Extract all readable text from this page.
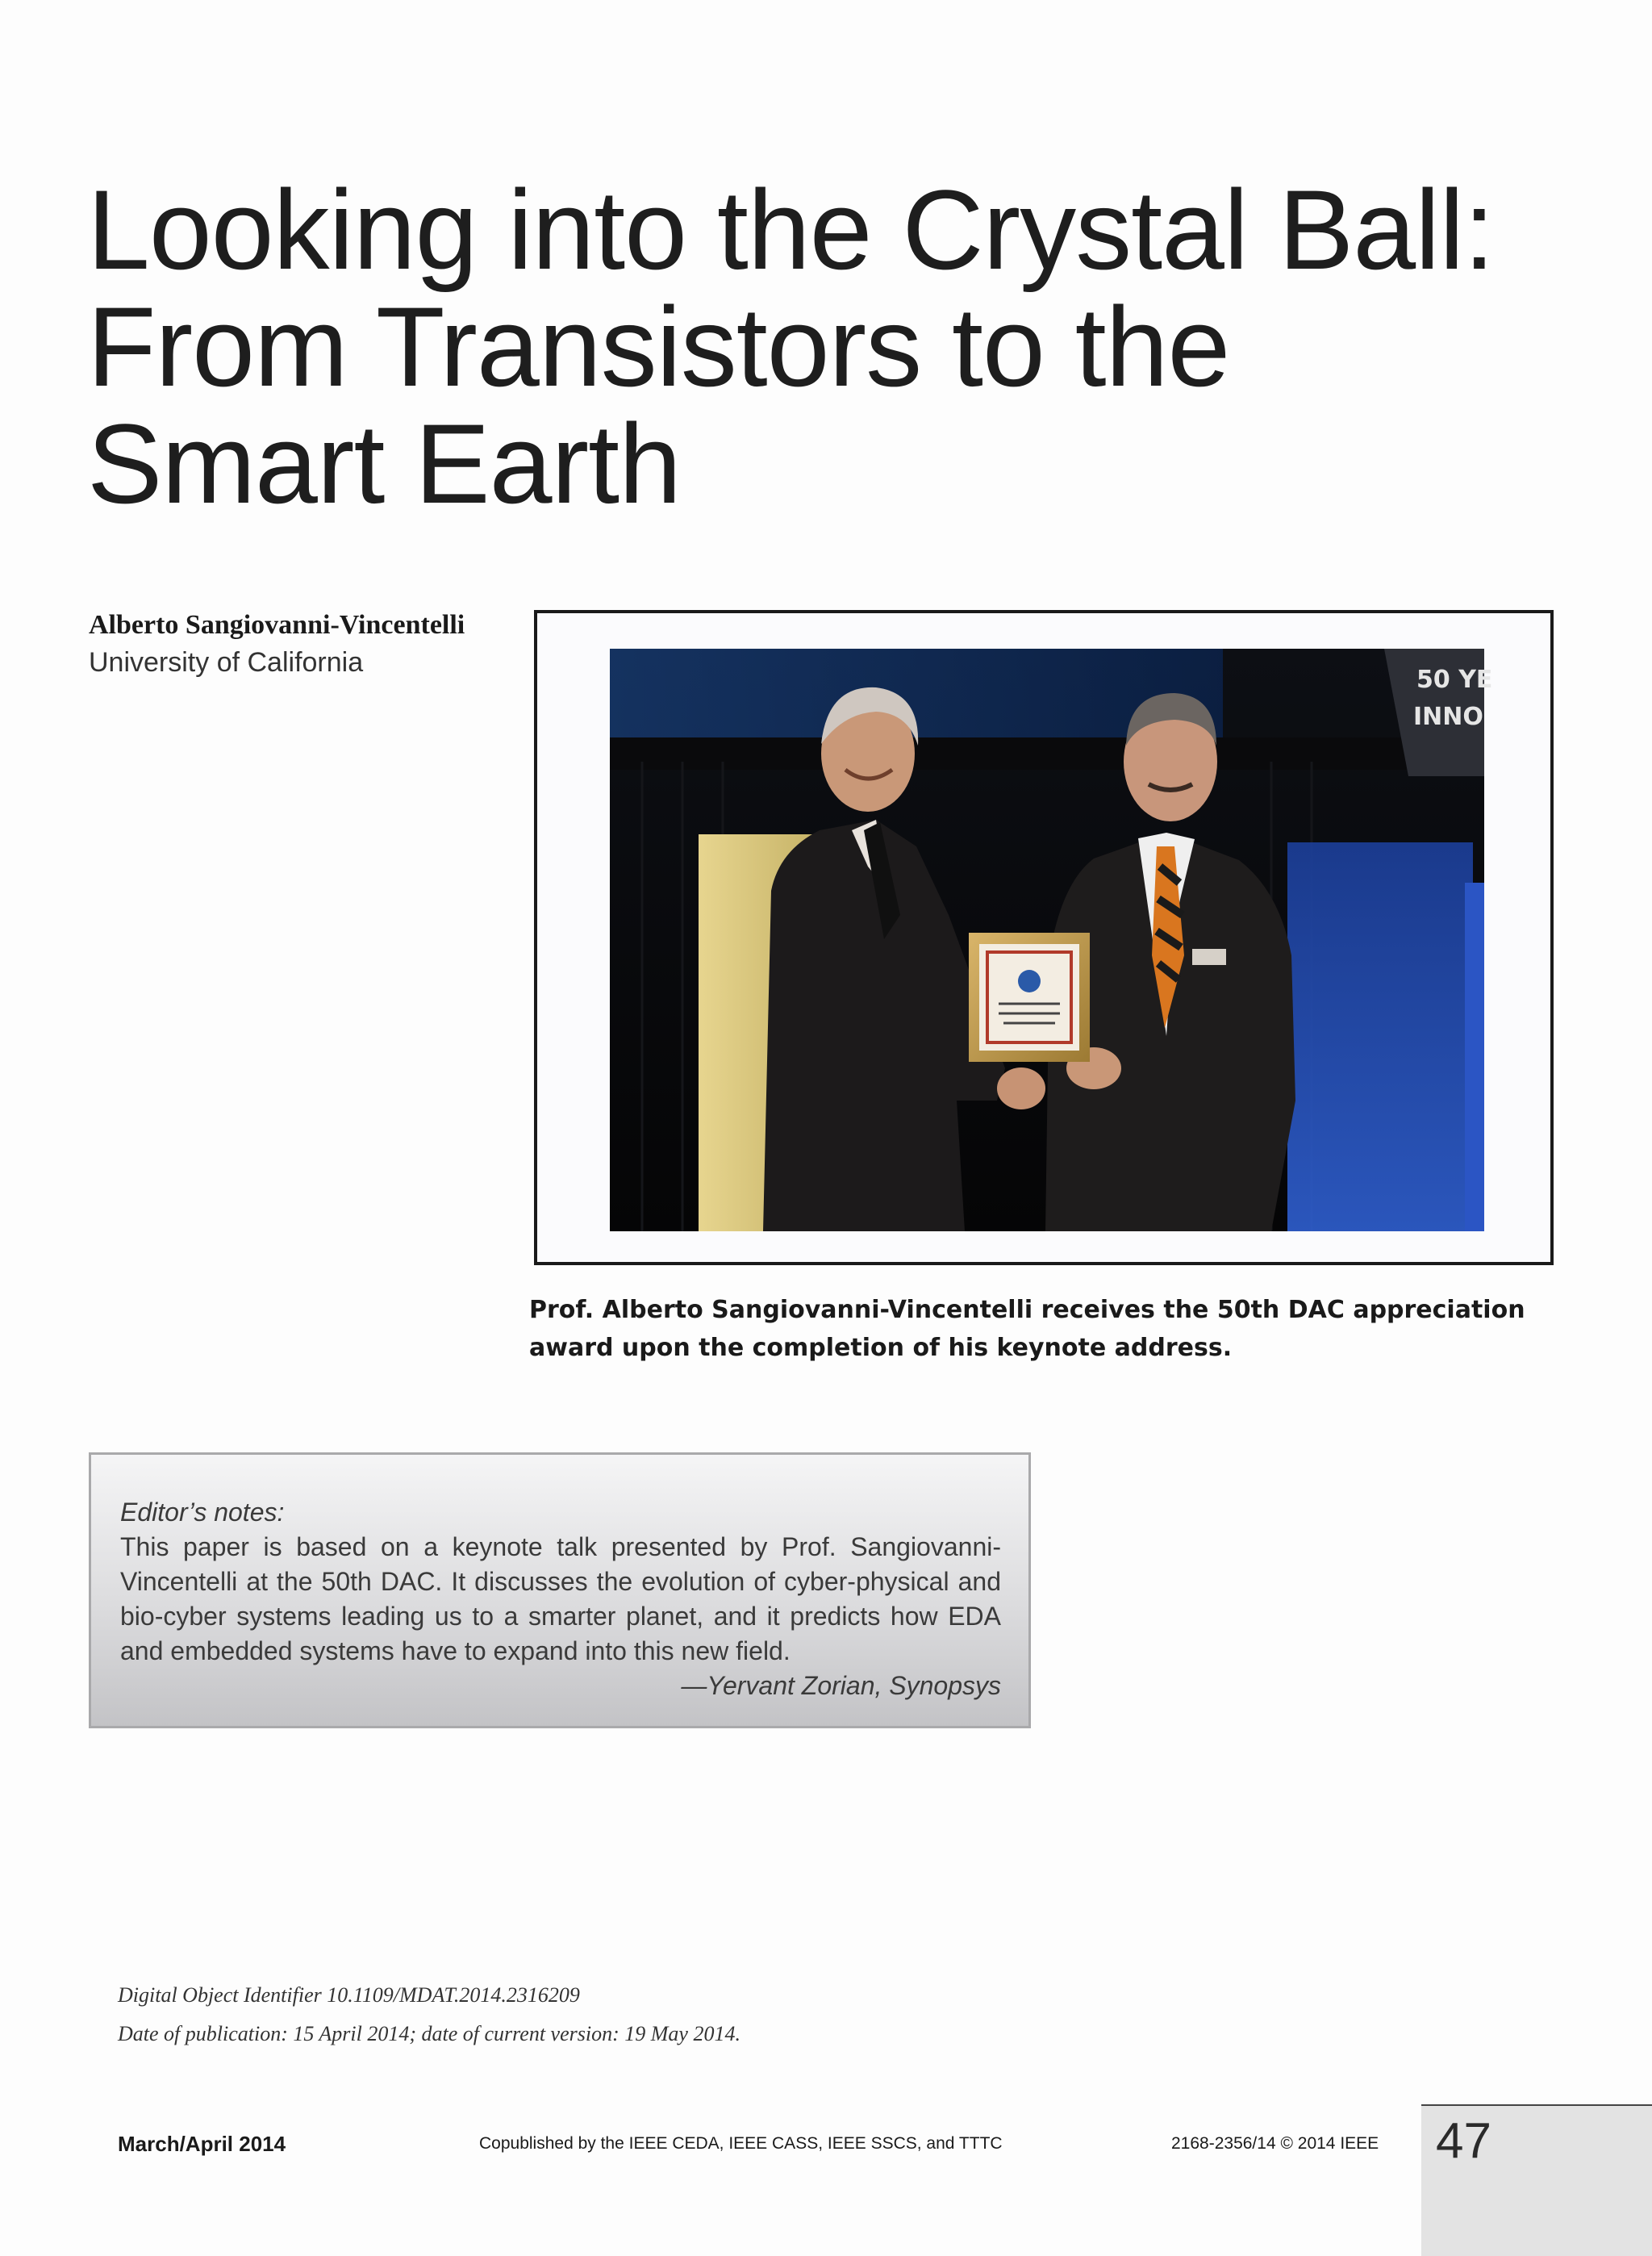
Looking into the Crystal Ball:
From Transistors to the
Smart Earth
Alberto Sangiovanni-Vincentelli
University of California
50 YE
INNO

Prof. Alberto Sangiovanni-Vincentelli receives the 50th DAC appreciation award upon the completion of his keynote address.

Editor’s notes:

This paper is based on a keynote talk presented by Prof. Sangiovanni-Vincentelli at the 50th DAC. It discusses the evolution of cyber-physical and bio-cyber systems leading us to a smarter planet, and it predicts how EDA and embedded systems have to expand into this new field.

—Yervant Zorian, Synopsys

Digital Object Identifier 10.1109/MDAT.2014.2316209
Date of publication: 15 April 2014; date of current version: 19 May 2014.
March/April 2014	Copublished by the IEEE CEDA, IEEE CASS, IEEE SSCS, and TTTC	2168-2356/14 © 2014 IEEE 47
